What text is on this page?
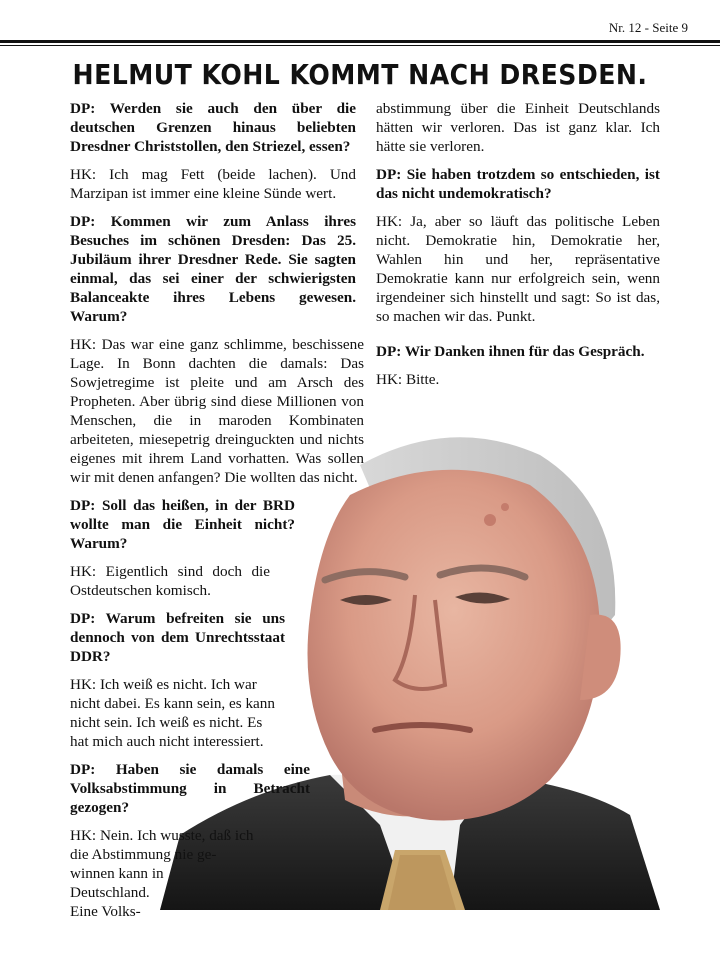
Nr. 12 - Seite 9
HELMUT KOHL KOMMT NACH DRESDEN.

DP: Werden sie auch den über die deutschen Grenzen hinaus beliebten Dresdner Christstollen, den Striezel, essen?

HK: Ich mag Fett (beide lachen). Und Marzipan ist immer eine kleine Sünde wert.

DP: Kommen wir zum Anlass ihres Besuches im schönen Dresden: Das 25. Jubiläum ihrer Dresdner Rede. Sie sagten einmal, das sei einer der schwierigsten Balanceakte ihres Lebens gewesen. Warum?

HK: Das war eine ganz schlimme, beschissene Lage. In Bonn dachten die damals: Das Sowjetregime ist pleite und am Arsch des Propheten. Aber übrig sind diese Millionen von Menschen, die in maroden Kombinaten arbeiteten, miesepetrig dreinguckten und nichts eigenes mit ihrem Land vorhatten. Was sollen wir mit denen anfangen? Die wollten das nicht.

DP: Soll das heißen, in der BRD wollte man die Einheit nicht? Warum?

HK: Eigentlich sind doch die Ostdeutschen komisch.

DP: Warum befreiten sie uns dennoch von dem Unrechtsstaat DDR?

HK: Ich weiß es nicht. Ich war
nicht dabei. Es kann sein, es kann
nicht sein. Ich weiß es nicht. Es
hat mich auch nicht interessiert.

DP: Haben sie damals eine Volksabstimmung in Betracht gezogen?

HK: Nein. Ich wusste, daß ich
die Abstimmung nie ge-
winnen kann in
Deutschland.
Eine Volks-

abstimmung über die Einheit Deutschlands hätten wir verloren. Das ist ganz klar. Ich hätte sie verloren.

DP: Sie haben trotzdem so entschieden, ist das nicht undemokratisch?

HK: Ja, aber so läuft das politische Leben nicht. Demokratie hin, Demokratie her, Wahlen hin und her, repräsentative Demokratie kann nur erfolgreich sein, wenn irgendeiner sich hinstellt und sagt: So ist das, so machen wir das. Punkt.

DP: Wir Danken ihnen für das Gespräch.

HK: Bitte.
